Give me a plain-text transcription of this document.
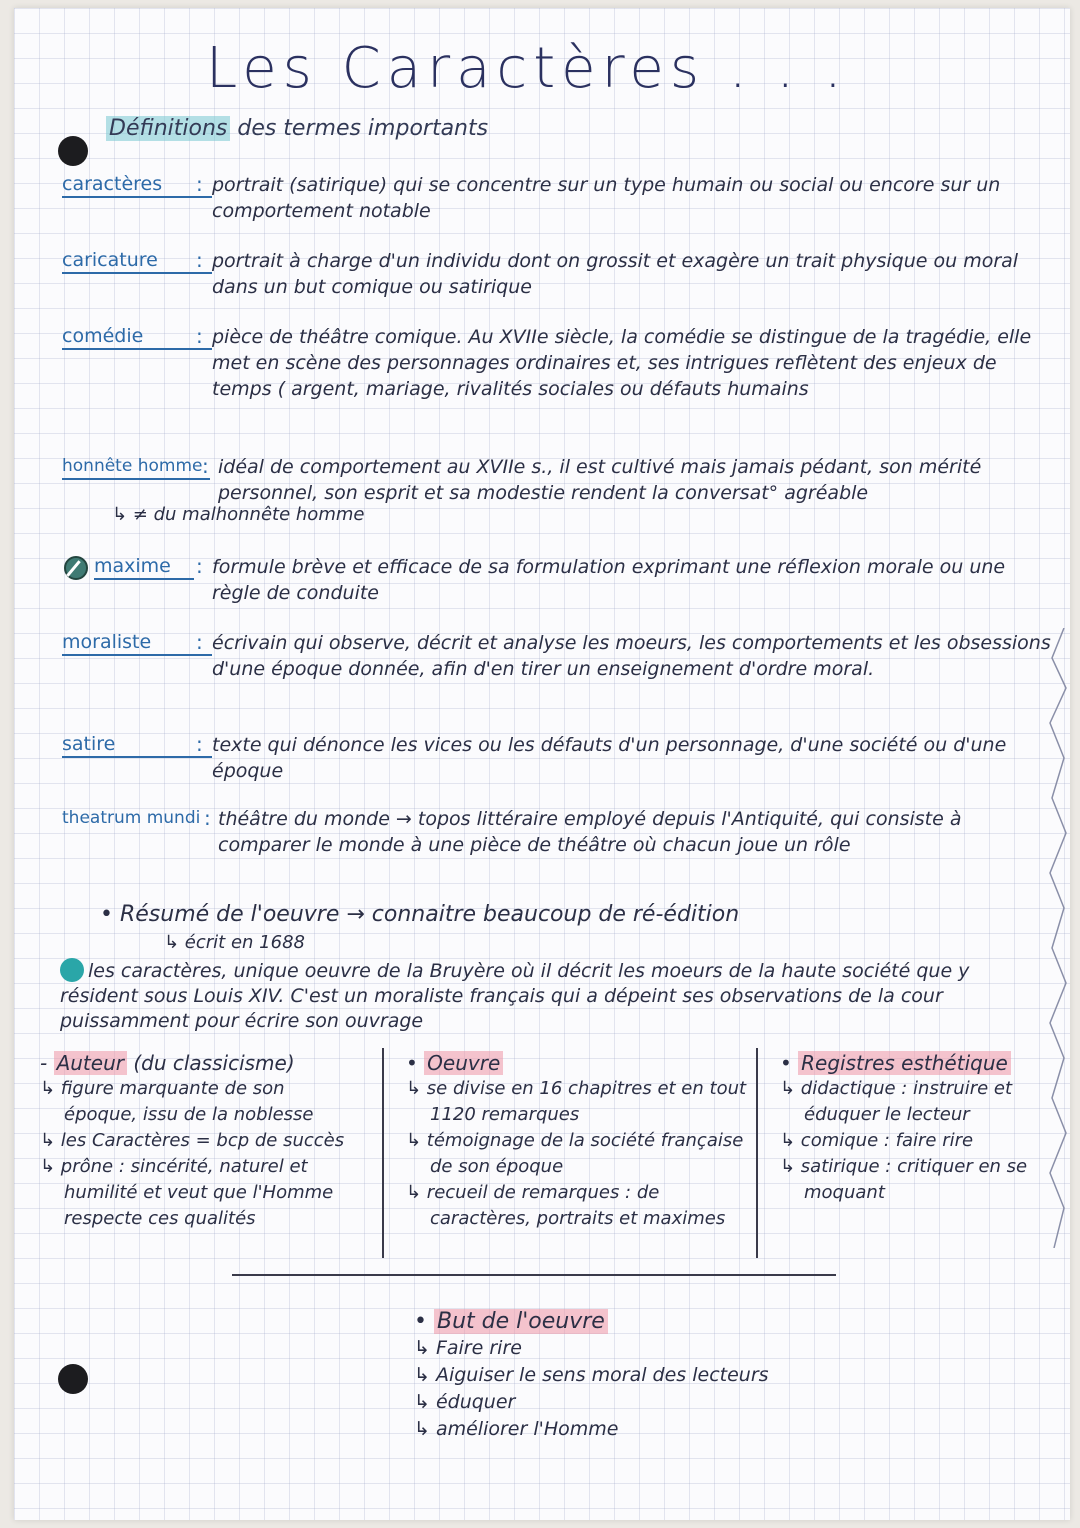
Les Caractères . . .
Définitions des termes importants
caractères	: portrait (satirique) qui se concentre sur un type humain ou social ou encore sur un comportement notable
caricature	: portrait à charge d'un individu dont on grossit et exagère un trait physique ou moral dans un but comique ou satirique
comédie	: pièce de théâtre comique. Au XVIIe siècle, la comédie se distingue de la tragédie, elle met en scène des personnages ordinaires et, ses intrigues reflètent des enjeux de temps ( argent, mariage, rivalités sociales ou défauts humains
honnête homme : idéal de comportement au XVIIe s., il est cultivé mais jamais pédant, son mérité personnel, son esprit et sa modestie rendent la conversat° agréable
↳ ≠ du malhonnête homme
maxime	: formule brève et efficace de sa formulation exprimant une réflexion morale ou une règle de conduite
moraliste	: écrivain qui observe, décrit et analyse les moeurs, les comportements et les obsessions d'une époque donnée, afin d'en tirer un enseignement d'ordre moral.
satire	: texte qui dénonce les vices ou les défauts d'un personnage, d'une société ou d'une époque
theatrum mundi : théâtre du monde → topos littéraire employé depuis l'Antiquité, qui consiste à comparer le monde à une pièce de théâtre où chacun joue un rôle
• Résumé de l'oeuvre → connaitre beaucoup de ré-édition
↳ écrit en 1688
les caractères, unique oeuvre de la Bruyère où il décrit les moeurs de la haute société que y résident sous Louis XIV. C'est un moraliste français qui a dépeint ses observations de la cour puissamment pour écrire son ouvrage
- Auteur (du classicisme)
↳ figure marquante de son époque, issu de la noblesse
↳ les Caractères = bcp de succès
↳ prône : sincérité, naturel et humilité et veut que l'Homme respecte ces qualités
• Oeuvre
↳ se divise en 16 chapitres et en tout 1120 remarques
↳ témoignage de la société française de son époque
↳ recueil de remarques : de caractères, portraits et maximes
• Registres esthétique
↳ didactique : instruire et éduquer le lecteur
↳ comique : faire rire
↳ satirique : critiquer en se moquant
• But de l'oeuvre
↳ Faire rire
↳ Aiguiser le sens moral des lecteurs
↳ éduquer
↳ améliorer l'Homme
